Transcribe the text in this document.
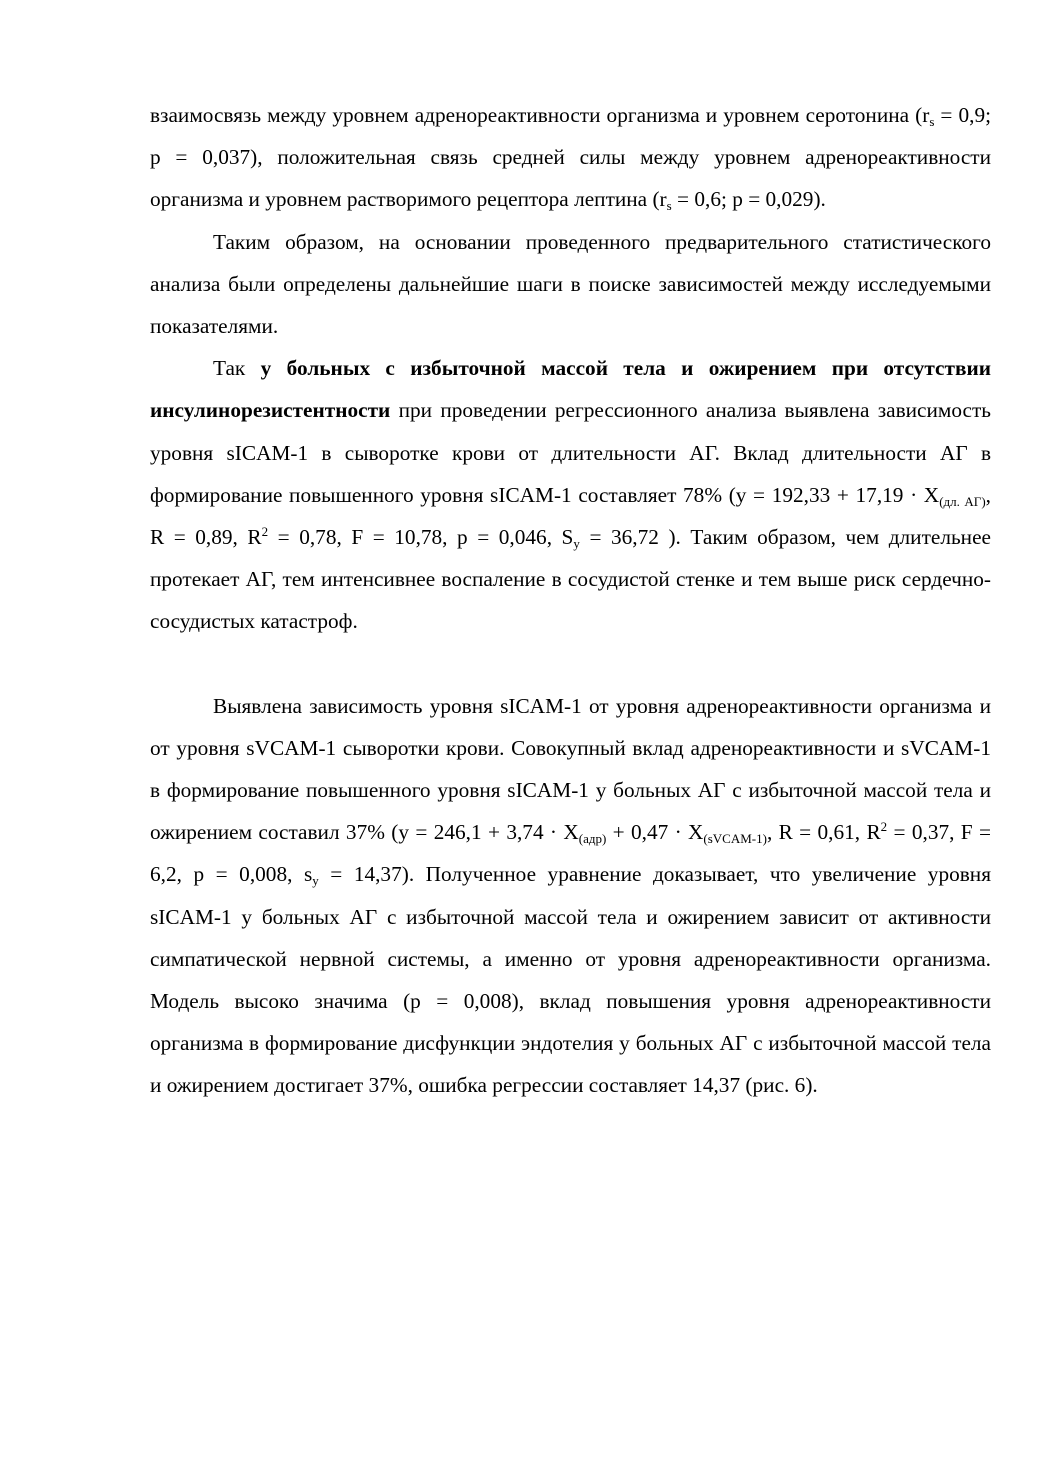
взаимосвязь между уровнем адренореактивности организма и уровнем серотонина ($r_s = 0,9$; p = 0,037), положительная связь средней силы между уровнем адренореактивности организма и уровнем растворимого рецептора лептина ($r_s = 0,6$; p = 0,029).

Таким образом, на основании проведенного предварительного статистического анализа были определены дальнейшие шаги в поиске зависимостей между исследуемыми показателями.

Так у больных с избыточной массой тела и ожирением при отсутствии инсулинорезистентности при проведении регрессионного анализа выявлена зависимость уровня sICAM-1 в сыворотке крови от длительности АГ. Вклад длительности АГ в формирование повышенного уровня sICAM-1 составляет 78% ($y = 192,33 + 17,19 \cdot X_{(дл. АГ)}$, R = 0,89, $R^2 = 0,78$, F = 10,78, p = 0,046, $S_y = 36,72$ ). Таким образом, чем длительнее протекает АГ, тем интенсивнее воспаление в сосудистой стенке и тем выше риск сердечно-сосудистых катастроф.

Выявлена зависимость уровня sICAM-1 от уровня адренореактивности организма и от уровня sVCAM-1 сыворотки крови. Совокупный вклад адренореактивности и sVCAM-1 в формирование повышенного уровня sICAM-1 у больных АГ с избыточной массой тела и ожирением составил 37% ($y = 246,1 + 3,74 \cdot X_{(адр)} + 0,47 \cdot X_{(sVCAM-1)}$, R = 0,61, $R^2 = 0,37$, F = 6,2, p = 0,008, $s_y = 14,37$). Полученное уравнение доказывает, что увеличение уровня sICAM-1 у больных АГ с избыточной массой тела и ожирением зависит от активности симпатической нервной системы, а именно от уровня адренореактивности организма. Модель высоко значима (p = 0,008), вклад повышения уровня адренореактивности организма в формирование дисфункции эндотелия у больных АГ с избыточной массой тела и ожирением достигает 37%, ошибка регрессии составляет 14,37 (рис. 6).
